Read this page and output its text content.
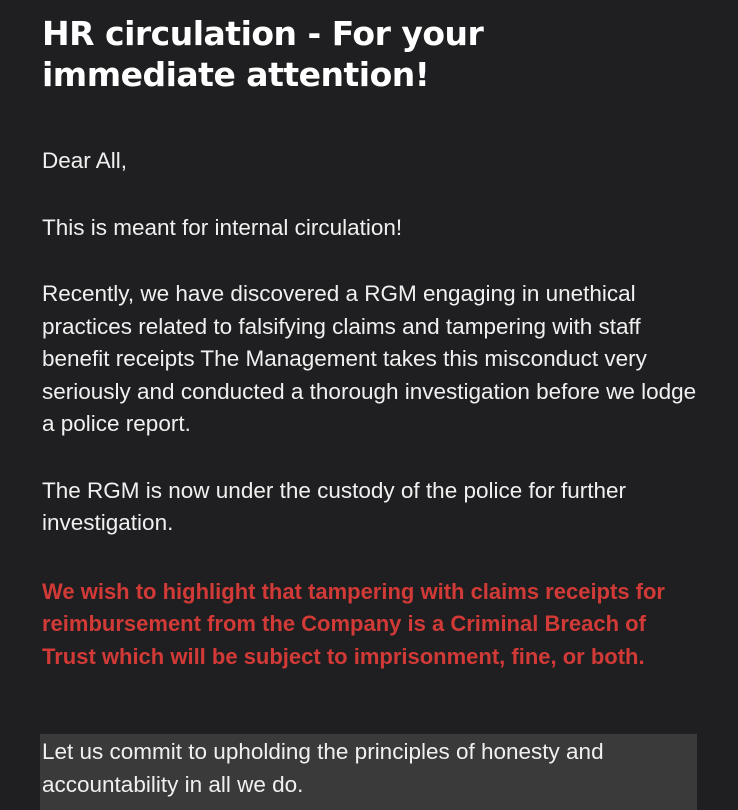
HR circulation - For your immediate attention!

Dear All,

This is meant for internal circulation!

Recently, we have discovered a RGM engaging in unethical practices related to falsifying claims and tampering with staff benefit receipts The Management takes this misconduct very seriously and conducted a thorough investigation before we lodge a police report.

The RGM is now under the custody of the police for further investigation.

We wish to highlight that tampering with claims receipts for reimbursement from the Company is a Criminal Breach of Trust which will be subject to imprisonment, fine, or both.

Let us commit to upholding the principles of honesty and accountability in all we do.
